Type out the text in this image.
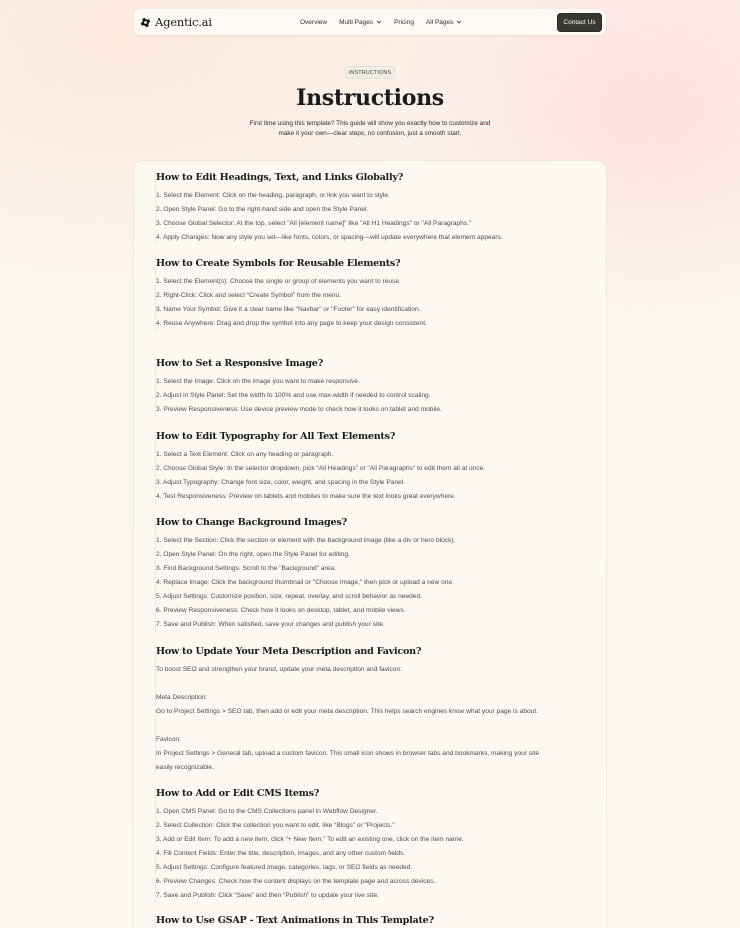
Agentic.ai	Overview Multi Pages	Pricing All Pages	Contact Us
INSTRUCTIONS
Instructions

First time using this template? This guide will show you exactly how to customize and
make it your own—clear steps, no confusion, just a smooth start.

How to Edit Headings, Text, and Links Globally?
1. Select the Element: Click on the heading, paragraph, or link you want to style.
2. Open Style Panel: Go to the right-hand side and open the Style Panel.
3. Choose Global Selector: At the top, select "All [element name]" like "All H1 Headings" or "All Paragraphs."
4. Apply Changes: Now any style you set—like fonts, colors, or spacing—will update everywhere that element appears.
How to Create Symbols for Reusable Elements?
1. Select the Element(s): Choose the single or group of elements you want to reuse.
2. Right-Click: Click and select “Create Symbol” from the menu.
3. Name Your Symbol: Give it a clear name like "Navbar" or "Footer" for easy identification.
4. Reuse Anywhere: Drag and drop the symbol into any page to keep your design consistent.
How to Set a Responsive Image?
1. Select the Image: Click on the image you want to make responsive.
2. Adjust in Style Panel: Set the width to 100% and use max-width if needed to control scaling.
3. Preview Responsiveness: Use device preview mode to check how it looks on tablet and mobile.
How to Edit Typography for All Text Elements?
1. Select a Text Element: Click on any heading or paragraph.
2. Choose Global Style: In the selector dropdown, pick “All Headings” or “All Paragraphs” to edit them all at once.
3. Adjust Typography: Change font size, color, weight, and spacing in the Style Panel.
4. Test Responsiveness: Preview on tablets and mobiles to make sure the text looks great everywhere.
How to Change Background Images?
1. Select the Section: Click the section or element with the background image (like a div or hero block).
2. Open Style Panel: On the right, open the Style Panel for editing.
3. Find Background Settings: Scroll to the "Background" area.
4. Replace Image: Click the background thumbnail or "Choose Image," then pick or upload a new one.
5. Adjust Settings: Customize position, size, repeat, overlay, and scroll behavior as needed.
6. Preview Responsiveness: Check how it looks on desktop, tablet, and mobile views.
7. Save and Publish: When satisfied, save your changes and publish your site.
How to Update Your Meta Description and Favicon?
To boost SEO and strengthen your brand, update your meta description and favicon:
Meta Description:
Go to Project Settings > SEO tab, then add or edit your meta description. This helps search engines know what your page is about.
Favicon:
In Project Settings > General tab, upload a custom favicon. This small icon shows in browser tabs and bookmarks, making your site
easily recognizable.
How to Add or Edit CMS Items?
1. Open CMS Panel: Go to the CMS Collections panel in Webflow Designer.
2. Select Collection: Click the collection you want to edit, like “Blogs” or “Projects.”
3. Add or Edit Item: To add a new item, click “+ New Item.” To edit an existing one, click on the item name.
4. Fill Content Fields: Enter the title, description, images, and any other custom fields.
5. Adjust Settings: Configure featured image, categories, tags, or SEO fields as needed.
6. Preview Changes: Check how the content displays on the template page and across devices.
7. Save and Publish: Click “Save” and then “Publish” to update your live site.
How to Use GSAP - Text Animations in This Template?
